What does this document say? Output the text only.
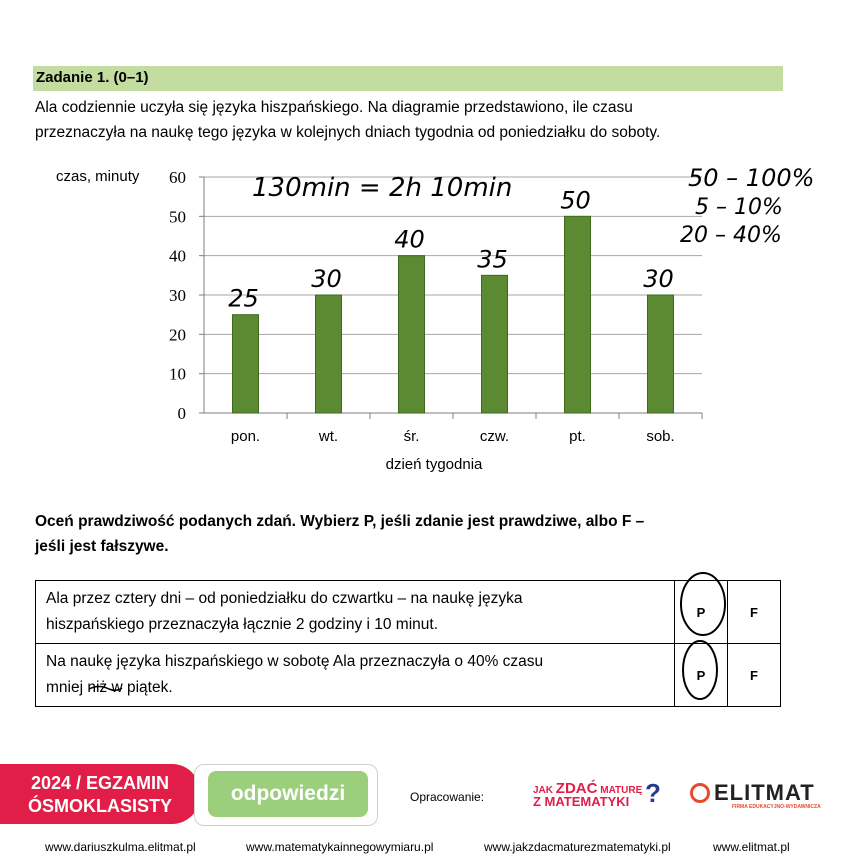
Zadanie 1. (0–1)
Ala codziennie uczyła się języka hiszpańskiego. Na diagramie przedstawiono, ile czasu
przeznaczyła na naukę tego języka w kolejnych dniach tygodnia od poniedziałku do soboty.
0
10
20
30
40
50
60
pon.	wt.	śr.	czw.	pt.	sob.
czas, minuty
dzień tygodnia
Oceń prawdziwość podanych zdań. Wybierz P, jeśli zdanie jest prawdziwe, albo F –
jeśli jest fałszywe.
Ala przez cztery dni – od poniedziałku do czwartku – na naukę języka
hiszpańskiego przeznaczyła łącznie 2 godziny i 10 minut.	P	F

Na naukę języka hiszpańskiego w sobotę Ala przeznaczyła o 40% czasu
mniej niż w piątek.	P	F
130min = 2h 10min	50 – 100%
5 – 10%
20 – 40%
25
30
40
35
50
30
2024 / EGZAMIN
ÓSMOKLASISTY
odpowiedzi	Opracowanie:	JAK ZDAĆ MATURĘ
Z MATEMATYKI ? ELITMAT
FIRMA EDUKACYJNO-WYDAWNICZA
www.dariuszkulma.elitmat.pl	www.matematykainnegowymiaru.pl	www.jakzdacmaturezmatematyki.pl	www.elitmat.pl
